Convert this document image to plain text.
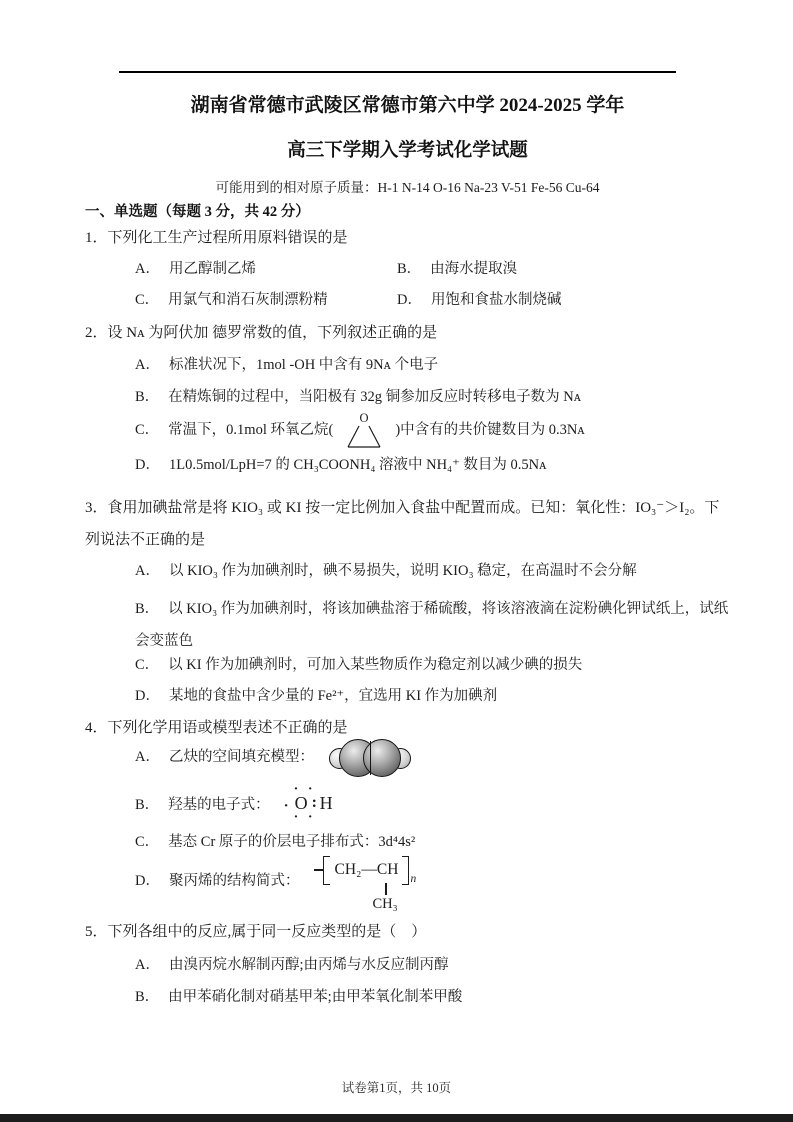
湖南省常德市武陵区常德市第六中学 2024-2025 学年
高三下学期入学考试化学试题
可能用到的相对原子质量：H-1 N-14 O-16 Na-23 V-51 Fe-56 Cu-64
一、单选题（每题 3 分，共 42 分）
1．下列化工生产过程所用原料错误的是
A． 用乙醇制乙烯	B． 由海水提取溴
C． 用氯气和消石灰制漂粉精	D． 用饱和食盐水制烧碱
2．设 Nᴀ 为阿伏加 德罗常数的值，下列叙述正确的是
A． 标准状况下，1mol -OH 中含有 9Nᴀ 个电子
B． 在精炼铜的过程中，当阳极有 32g 铜参加反应时转移电子数为 Nᴀ
C． 常温下，0.1mol 环氧乙烷(
O
)中含有的共价键数目为 0.3Nᴀ
D． 1L0.5mol/LpH=7 的 CH₃COONH₄ 溶液中 NH₄⁺ 数目为 0.5Nᴀ
3．食用加碘盐常是将 KIO₃ 或 KI 按一定比例加入食盐中配置而成。已知：氧化性：IO₃⁻＞I₂。下列说法不正确的是
A． 以 KIO₃ 作为加碘剂时，碘不易损失，说明 KIO₃ 稳定，在高温时不会分解
B． 以 KIO₃ 作为加碘剂时，将该加碘盐溶于稀硫酸，将该溶液滴在淀粉碘化钾试纸上，试纸会变蓝色
C． 以 KI 作为加碘剂时，可加入某些物质作为稳定剂以减少碘的损失
D． 某地的食盐中含少量的 Fe²⁺，宜选用 KI 作为加碘剂
4．下列化学用语或模型表述不正确的是
A． 乙炔的空间填充模型：
B． 羟基的电子式： ·
· ·
O
· ·
: H
C． 基态 Cr 原子的价层电子排布式：3d⁴4s²
D． 聚丙烯的结构简式：
CH₂—CH
n
CH₃
5．下列各组中的反应,属于同一反应类型的是（　）
A． 由溴丙烷水解制丙醇;由丙烯与水反应制丙醇
B． 由甲苯硝化制对硝基甲苯;由甲苯氧化制苯甲酸
试卷第1页，共 10页
